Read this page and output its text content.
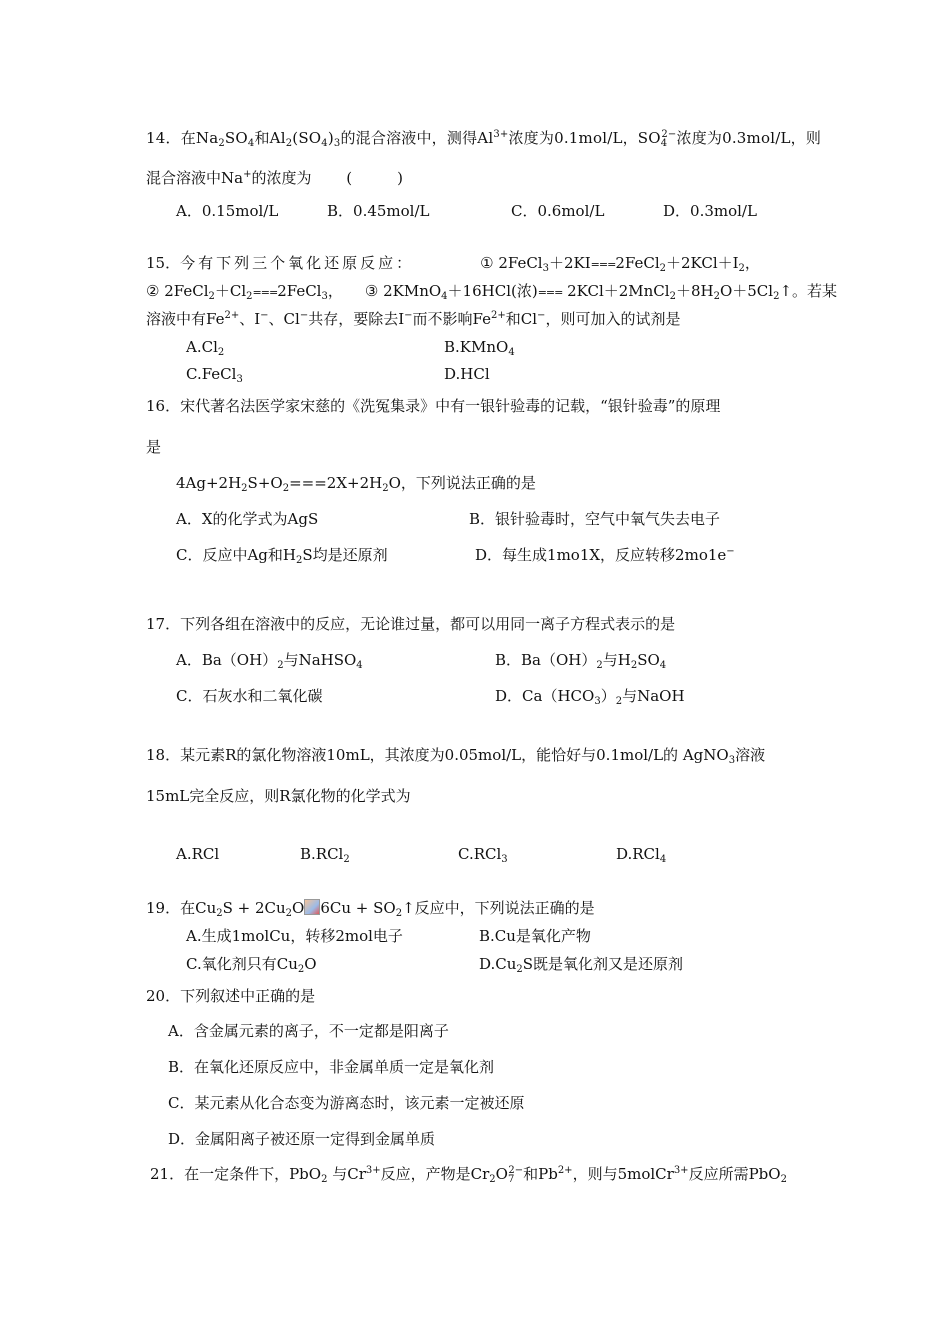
14．在$Na_2SO_4$和$Al_2(SO_4)_3$的混合溶液中，测得$Al^{3+}$浓度为0.1mol/L，$SO_4^{2-}$浓度为0.3mol/L，则
混合溶液中Na+的浓度为 (　　　)
A．0.15mol/L	B．0.45mol/L	C．0.6mol/L	D．0.3mol/L
15．今有下列三个氧化还原反应：	① $2FeCl_3+2KI===2FeCl_2+2KCl+I_2$，
② $2FeCl_2+Cl_2===2FeCl_3$， ③ 2KMnO$_4$＋16HCl(浓)=== $2KCl+2MnCl_2+8H_2O+5Cl_2↑$。若某
溶液中有$Fe^{2+}$、I−、Cl−共存，要除去I−而不影响$Fe^{2+}$和Cl−，则可加入的试剂是
$A.Cl_2$	B.KMnO$_4$
C.FeCl$_3$	D.HCl
16．宋代著名法医学家宋慈的《洗冤集录》中有一银针验毒的记载，“银针验毒”的原理
是
$4Ag+2H_2S+O_2===2X+2H_2O$，下列说法正确的是
A．X的化学式为AgS	B．银针验毒时，空气中氧气失去电子
C．反应中Ag和$H_2S$均是还原剂	D．每生成1mo1X，反应转移2mo1e−
17．下列各组在溶液中的反应，无论谁过量，都可以用同一离子方程式表示的是
A．$Ba(OH)_2$与NaHSO$_4$	B．$Ba(OH)_2$与$H_2SO_4$
C．石灰水和二氧化碳	D．$Ca(HCO_3)_2$与NaOH
18．某元素R的氯化物溶液10mL，其浓度为0.05mol/L，能恰好与0.1mol/L的 AgNO$_3$溶液
15mL完全反应，则R氯化物的化学式为
A.RCl	B.RCl$_2$	C.RCl$_3$	D.RCl$_4$
19．在$Cu_2S + 2Cu_2O$ $6Cu + SO_2↑$反应中，下列说法正确的是
A.生成1molCu，转移2mol电子	B.Cu是氧化产物
C.氧化剂只有$Cu_2O$	$D.Cu_2S$既是氧化剂又是还原剂
20．下列叙述中正确的是
A．含金属元素的离子，不一定都是阳离子
B．在氧化还原反应中，非金属单质一定是氧化剂
C．某元素从化合态变为游离态时，该元素一定被还原
D．金属阳离子被还原一定得到金属单质
21．在一定条件下，PbO$_2$ 与$Cr^{3+}$反应，产物是$Cr_2O_7^{2-}$和$Pb^{2+}$，则与5molCr$^{3+}$反应所需PbO$_2$
